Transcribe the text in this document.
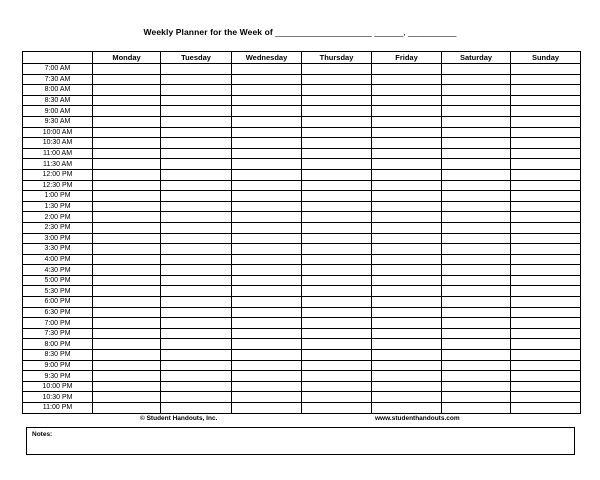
Weekly Planner for the Week of ____________________ ______, __________
	Monday	Tuesday	Wednesday	Thursday	Friday	Saturday	Sunday
7:00 AM							
7:30 AM							
8:00 AM							
8:30 AM							
9:00 AM							
9:30 AM							
10:00 AM							
10:30 AM							
11:00 AM							
11:30 AM							
12:00 PM							
12:30 PM							
1:00 PM							
1:30 PM							
2:00 PM							
2:30 PM							
3:00 PM							
3:30 PM							
4:00 PM							
4:30 PM							
5:00 PM							
5:30 PM							
6:00 PM							
6:30 PM							
7:00 PM							
7:30 PM							
8:00 PM							
8:30 PM							
9:00 PM							
9:30 PM							
10:00 PM							
10:30 PM							
11:00 PM							
© Student Handouts, Inc.	www.studenthandouts.com
Notes:
